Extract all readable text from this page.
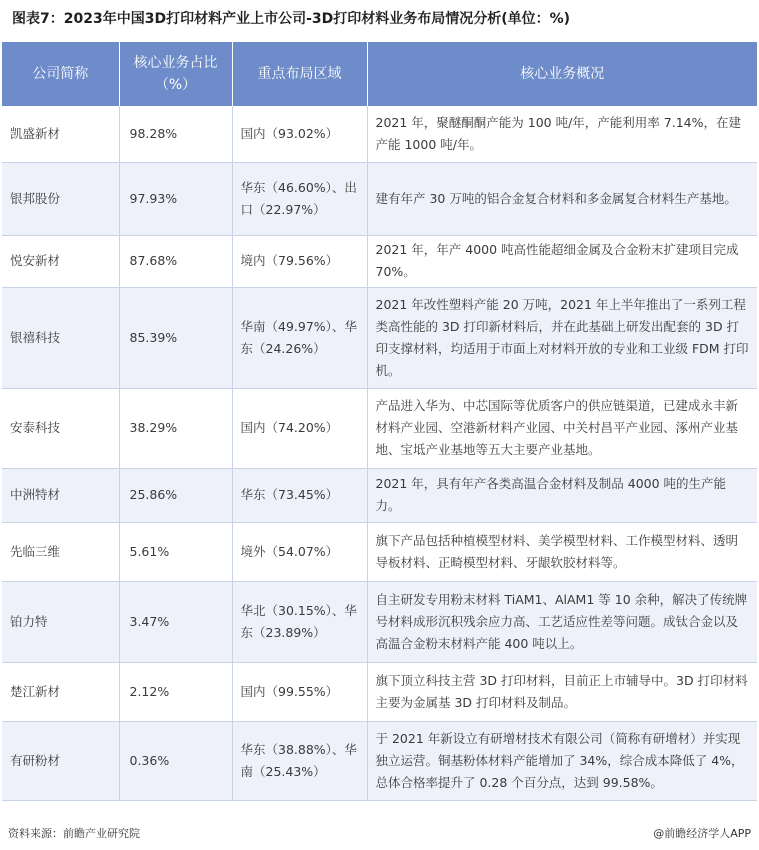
图表7：2023年中国3D打印材料产业上市公司-3D打印材料业务布局情况分析(单位：%)
公司简称	核心业务占比（%）	重点布局区域	核心业务概况
凯盛新材	98.28%	国内（93.02%）	2021 年，聚醚酮酮产能为 100 吨/年，产能利用率 7.14%，在建产能 1000 吨/年。
银邦股份	97.93%	华东（46.60%）、出口（22.97%）	建有年产 30 万吨的铝合金复合材料和多金属复合材料生产基地。
悦安新材	87.68%	境内（79.56%）	2021 年，年产 4000 吨高性能超细金属及合金粉末扩建项目完成 70%。
银禧科技	85.39%	华南（49.97%）、华东（24.26%）	2021 年改性塑料产能 20 万吨，2021 年上半年推出了一系列工程类高性能的 3D 打印新材料后，并在此基础上研发出配套的 3D 打印支撑材料，均适用于市面上对材料开放的专业和工业级 FDM 打印机。
安泰科技	38.29%	国内（74.20%）	产品进入华为、中芯国际等优质客户的供应链渠道，已建成永丰新材料产业园、空港新材料产业园、中关村昌平产业园、涿州产业基地、宝坻产业基地等五大主要产业基地。
中洲特材	25.86%	华东（73.45%）	2021 年，具有年产各类高温合金材料及制品 4000 吨的生产能力。
先临三维	5.61%	境外（54.07%）	旗下产品包括种植模型材料、美学模型材料、工作模型材料、透明导板材料、正畸模型材料、牙龈软胶材料等。
铂力特	3.47%	华北（30.15%）、华东（23.89%）	自主研发专用粉末材料 TiAM1、AlAM1 等 10 余种，解决了传统牌号材料成形沉积残余应力高、工艺适应性差等问题。成钛合金以及高温合金粉末材料产能 400 吨以上。
楚江新材	2.12%	国内（99.55%）	旗下顶立科技主营 3D 打印材料，目前正上市辅导中。3D 打印材料主要为金属基 3D 打印材料及制品。
有研粉材	0.36%	华东（38.88%）、华南（25.43%）	于 2021 年新设立有研增材技术有限公司（简称有研增材）并实现独立运营。铜基粉体材料产能增加了 34%，综合成本降低了 4%，总体合格率提升了 0.28 个百分点，达到 99.58%。
资料来源：前瞻产业研究院	@前瞻经济学人APP
